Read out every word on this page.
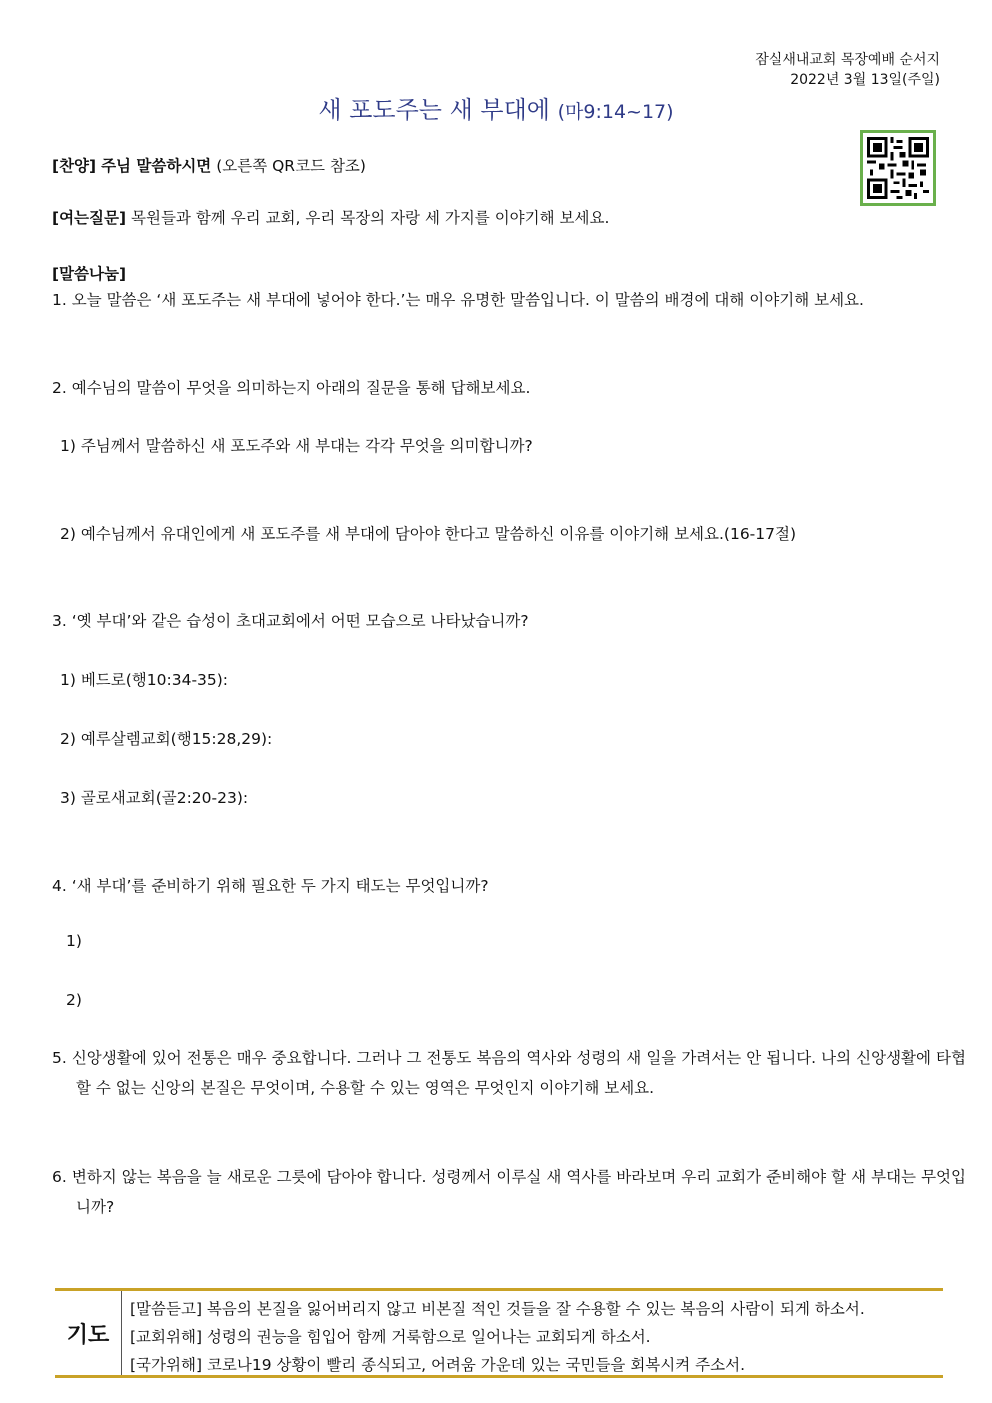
잠실새내교회 목장예배 순서지
2022년 3월 13일(주일)
새 포도주는 새 부대에 (마9:14~17)
[찬양] 주님 말씀하시면 (오른쪽 QR코드 참조)
[여는질문] 목원들과 함께 우리 교회, 우리 목장의 자랑 세 가지를 이야기해 보세요.
[말씀나눔]
1. 오늘 말씀은 ‘새 포도주는 새 부대에 넣어야 한다.’는 매우 유명한 말씀입니다. 이 말씀의 배경에 대해 이야기해 보세요.
2. 예수님의 말씀이 무엇을 의미하는지 아래의 질문을 통해 답해보세요.
1) 주님께서 말씀하신 새 포도주와 새 부대는 각각 무엇을 의미합니까?
2) 예수님께서 유대인에게 새 포도주를 새 부대에 담아야 한다고 말씀하신 이유를 이야기해 보세요.(16-17절)
3. ‘옛 부대’와 같은 습성이 초대교회에서 어떤 모습으로 나타났습니까?
1) 베드로(행10:34-35):
2) 예루살렘교회(행15:28,29):
3) 골로새교회(골2:20-23):
4. ‘새 부대’를 준비하기 위해 필요한 두 가지 태도는 무엇입니까?
1)
2)
5. 신앙생활에 있어 전통은 매우 중요합니다. 그러나 그 전통도 복음의 역사와 성령의 새 일을 가려서는 안 됩니다. 나의 신앙생활에 타협할 수 없는 신앙의 본질은 무엇이며, 수용할 수 있는 영역은 무엇인지 이야기해 보세요.
6. 변하지 않는 복음을 늘 새로운 그릇에 담아야 합니다. 성령께서 이루실 새 역사를 바라보며 우리 교회가 준비해야 할 새 부대는 무엇입니까?
기도
[말씀듣고] 복음의 본질을 잃어버리지 않고 비본질 적인 것들을 잘 수용할 수 있는 복음의 사람이 되게 하소서.
[교회위해] 성령의 권능을 힘입어 함께 거룩함으로 일어나는 교회되게 하소서.
[국가위해] 코로나19 상황이 빨리 종식되고, 어려움 가운데 있는 국민들을 회복시켜 주소서.
